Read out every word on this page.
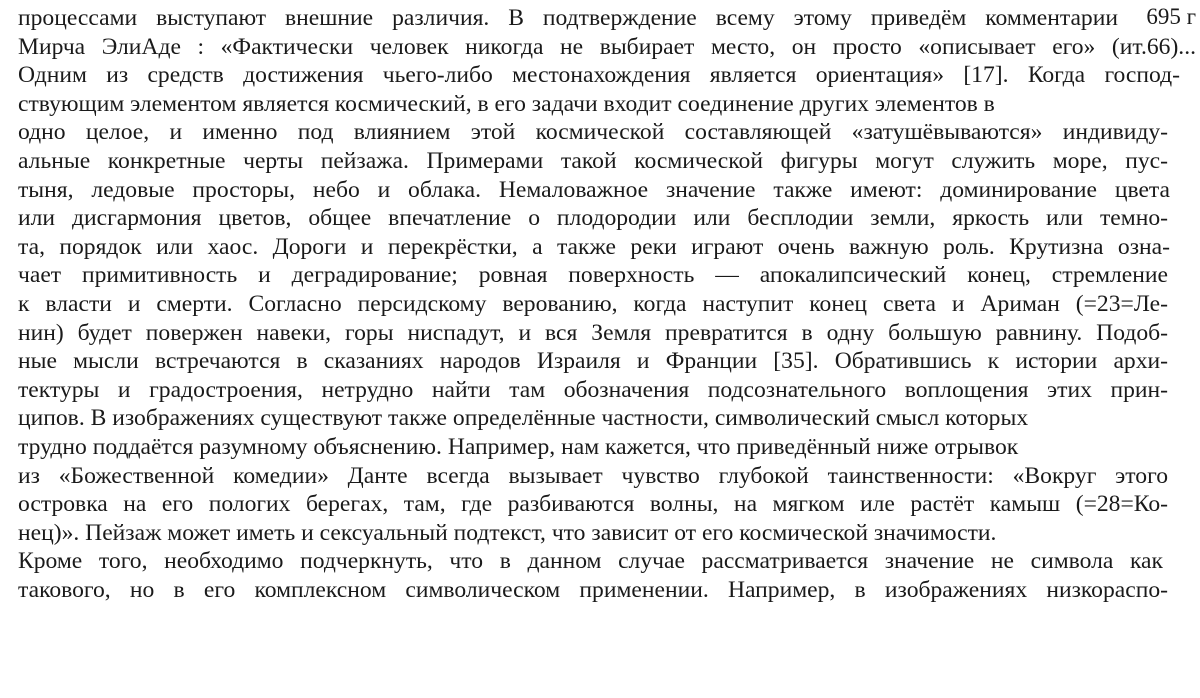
695 г
процессами выступают внешние различия. В подтверждение всему этому приведём комментарии
Мирча ЭлиАде : «Фактически человек никогда не выбирает место, он просто «описывает его» (ит.66)...
Одним из средств достижения чьего-либо местонахождения является ориентация» [17]. Когда господ-
ствующим элементом является космический, в его задачи входит соединение других элементов в
одно целое, и именно под влиянием этой космической составляющей «затушёвываются» индивиду-
альные конкретные черты пейзажа. Примерами такой космической фигуры могут служить море, пус-
тыня, ледовые просторы, небо и облака. Немаловажное значение также имеют: доминирование цвета
или дисгармония цветов, общее впечатление о плодородии или бесплодии земли, яркость или темно-
та, порядок или хаос. Дороги и перекрёстки, а также реки играют очень важную роль. Крутизна озна-
чает примитивность и деградирование; ровная поверхность — апокалипсический конец, стремление
к власти и смерти. Согласно персидскому верованию, когда наступит конец света и Ариман (=23=Ле-
нин) будет повержен навеки, горы ниспадут, и вся Земля превратится в одну большую равнину. Подоб-
ные мысли встречаются в сказаниях народов Израиля и Франции [35]. Обратившись к истории архи-
тектуры и градостроения, нетрудно найти там обозначения подсознательного воплощения этих прин-
ципов. В изображениях существуют также определённые частности, символический смысл которых
трудно поддаётся разумному объяснению. Например, нам кажется, что приведённый ниже отрывок
из «Божественной комедии» Данте всегда вызывает чувство глубокой таинственности: «Вокруг этого
островка на его пологих берегах, там, где разбиваются волны, на мягком иле растёт камыш (=28=Ко-
нец)». Пейзаж может иметь и сексуальный подтекст, что зависит от его космической значимости.
Кроме того, необходимо подчеркнуть, что в данном случае рассматривается значение не символа как
такового, но в его комплексном символическом применении. Например, в изображениях низкораспо-
